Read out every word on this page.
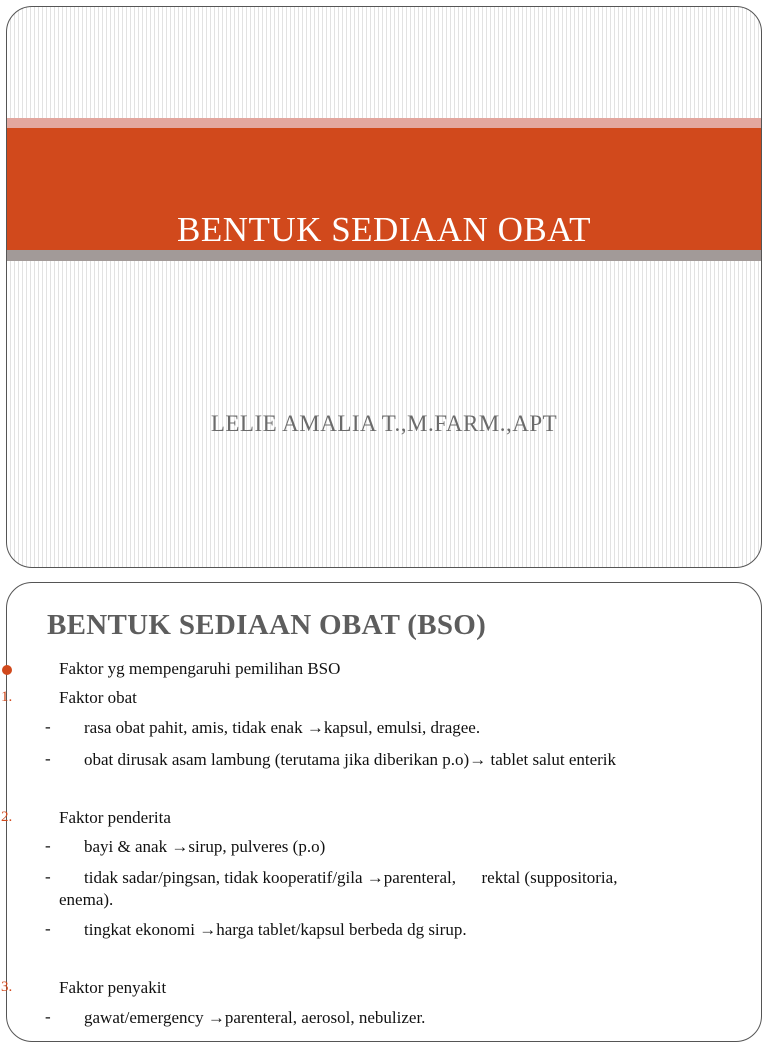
BENTUK SEDIAAN OBAT
LELIE AMALIA T.,M.FARM.,APT
BENTUK SEDIAAN OBAT (BSO)
Faktor yg mempengaruhi pemilihan BSO
1.	Faktor obat
- rasa obat pahit, amis, tidak enak →kapsul, emulsi, dragee.
- obat dirusak asam lambung (terutama jika diberikan p.o)→ tablet salut enterik
2.	Faktor penderita
- bayi & anak →sirup, pulveres (p.o)
- tidak sadar/pingsan, tidak kooperatif/gila →parenteral,      rektal (suppositoria,
enema).
- tingkat ekonomi →harga tablet/kapsul berbeda dg sirup.
3.	Faktor penyakit
- gawat/emergency →parenteral, aerosol, nebulizer.
